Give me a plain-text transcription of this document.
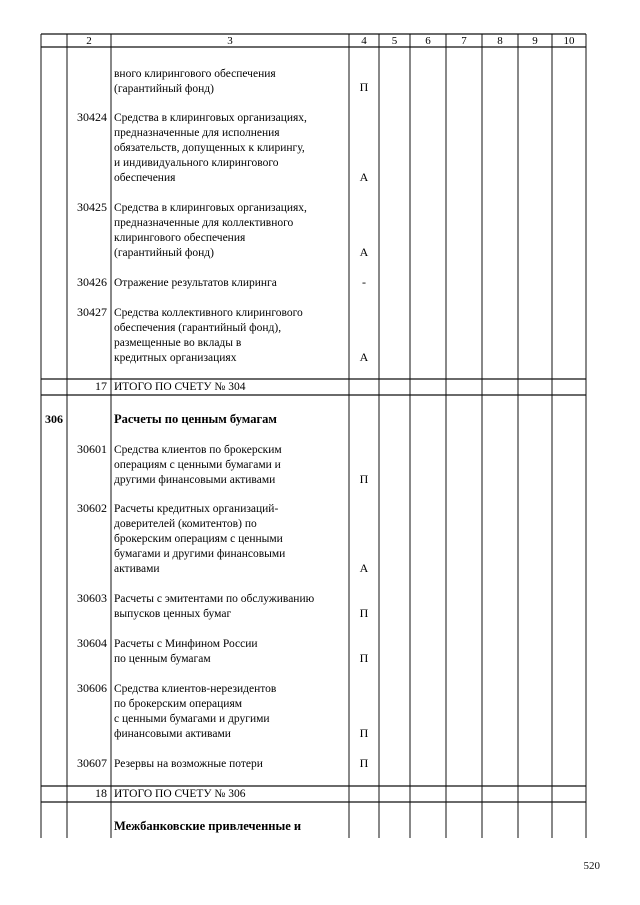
2	3	4 5	6	7	8	9 10
вного клирингового обеспечения
(гарантийный фонд)	П
30424 Средства в клиринговых организациях,
предназначенные для исполнения
обязательств, допущенных к клирингу,
и индивидуального клирингового
обеспечения	А
30425 Средства в клиринговых организациях,
предназначенные для коллективного
клирингового обеспечения
(гарантийный фонд)	А
30426 Отражение результатов клиринга	-
30427 Средства коллективного клирингового
обеспечения (гарантийный фонд),
размещенные во вклады в
кредитных организациях	А
17 ИТОГО ПО СЧЕТУ № 304
306	Расчеты по ценным бумагам
30601 Средства клиентов по брокерским
операциям с ценными бумагами и
другими финансовыми активами	П
30602 Расчеты кредитных организаций-
доверителей (комитентов) по
брокерским операциям с ценными
бумагами и другими финансовыми
активами	А
30603 Расчеты с эмитентами по обслуживанию
выпусков ценных бумаг	П
30604 Расчеты с Минфином России
по ценным бумагам	П
30606 Средства клиентов-нерезидентов
по брокерским операциям
с ценными бумагами и другими
финансовыми активами	П
30607 Резервы на возможные потери	П
18 ИТОГО ПО СЧЕТУ № 306
Межбанковские привлеченные и
520
